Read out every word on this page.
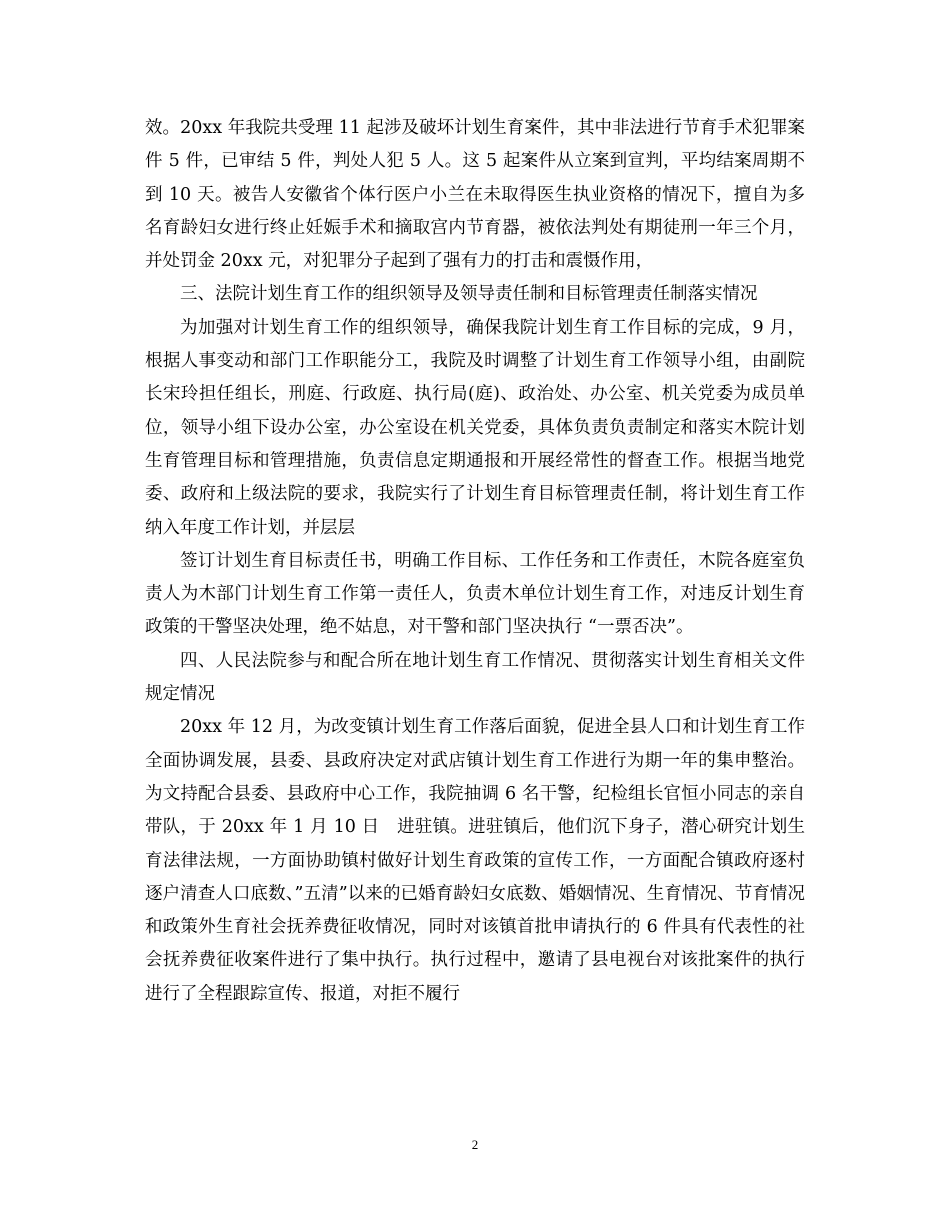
效。20xx 年我院共受理 11 起涉及破坏计划生育案件，其中非法进行节育手术犯罪案件 5 件，已审结 5 件，判处人犯 5 人。这 5 起案件从立案到宣判，平均结案周期不到 10 天。被告人安徽省个体行医户小兰在未取得医生执业资格的情况下，擅自为多名育龄妇女进行终止妊娠手术和摘取宫内节育器，被依法判处有期徒刑一年三个月，并处罚金 20xx 元，对犯罪分子起到了强有力的打击和震慑作用，

三、法院计划生育工作的组织领导及领导责任制和目标管理责任制落实情况

为加强对计划生育工作的组织领导，确保我院计划生育工作目标的完成，9 月，根据人事变动和部门工作职能分工，我院及时调整了计划生育工作领导小组，由副院长宋玲担任组长，刑庭、行政庭、执行局(庭)、政治处、办公室、机关党委为成员单位，领导小组下设办公室，办公室设在机关党委，具体负责负责制定和落实木院计划生育管理目标和管理措施，负责信息定期通报和开展经常性的督查工作。根据当地党委、政府和上级法院的要求，我院实行了计划生育目标管理责任制，将计划生育工作纳入年度工作计划，并层层

签订计划生育目标责任书，明确工作目标、工作任务和工作责任，木院各庭室负责人为木部门计划生育工作第一责任人，负责木单位计划生育工作，对违反计划生育政策的干警坚决处理，绝不姑息，对干警和部门坚决执行 “一票否决”。

四、人民法院参与和配合所在地计划生育工作情况、贯彻落实计划生育相关文件规定情况

20xx 年 12 月，为改变镇计划生育工作落后面貌，促进全县人口和计划生育工作全面协调发展，县委、县政府决定对武店镇计划生育工作进行为期一年的集申整治。为文持配合县委、县政府中心工作，我院抽调 6 名干警，纪检组长官恒小同志的亲自带队，于 20xx 年 1 月 10 日　进驻镇。进驻镇后，他们沉下身子，潜心研究计划生育法律法规，一方面协助镇村做好计划生育政策的宣传工作，一方面配合镇政府逐村逐户清查人口底数、”五清”以来的已婚育龄妇女底数、婚姻情况、生育情况、节育情况和政策外生育社会抚养费征收情况，同时对该镇首批申请执行的 6 件具有代表性的社会抚养费征收案件进行了集中执行。执行过程中，邀请了县电视台对该批案件的执行进行了全程跟踪宣传、报道，对拒不履行

2
